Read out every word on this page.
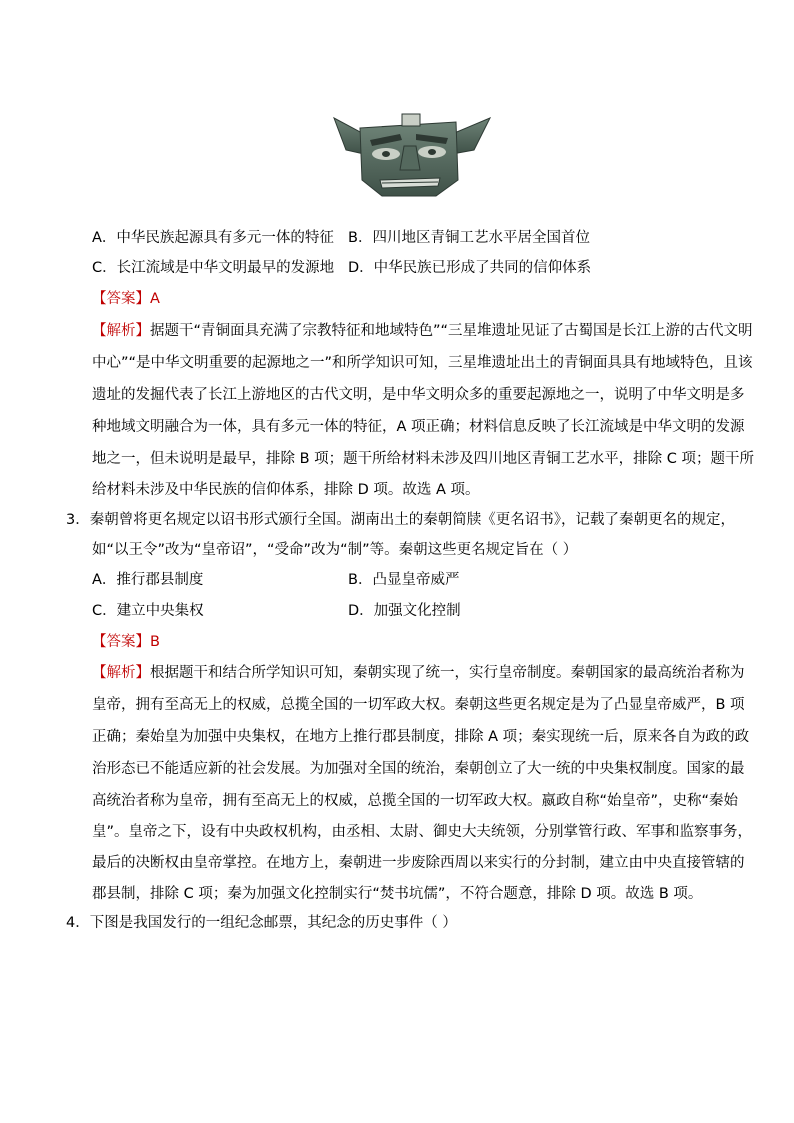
A．中华民族起源具有多元一体的特征 B．四川地区青铜工艺水平居全国首位
C．长江流域是中华文明最早的发源地 D．中华民族已形成了共同的信仰体系
【答案】A
【解析】据题干“青铜面具充满了宗教特征和地域特色”“三星堆遗址见证了古蜀国是长江上游的古代文明
中心”“是中华文明重要的起源地之一”和所学知识可知，三星堆遗址出土的青铜面具具有地域特色，且该
遗址的发掘代表了长江上游地区的古代文明，是中华文明众多的重要起源地之一，说明了中华文明是多
种地域文明融合为一体，具有多元一体的特征，A 项正确；材料信息反映了长江流域是中华文明的发源
地之一，但未说明是最早，排除 B 项；题干所给材料未涉及四川地区青铜工艺水平，排除 C 项；题干所
给材料未涉及中华民族的信仰体系，排除 D 项。故选 A 项。
3．秦朝曾将更名规定以诏书形式颁行全国。湖南出土的秦朝简牍《更名诏书》，记载了秦朝更名的规定，
如“以王令”改为“皇帝诏”，“受命”改为“制”等。秦朝这些更名规定旨在（ ）
A．推行郡县制度	B．凸显皇帝威严
C．建立中央集权	D．加强文化控制
【答案】B
【解析】根据题干和结合所学知识可知，秦朝实现了统一，实行皇帝制度。秦朝国家的最高统治者称为
皇帝，拥有至高无上的权威，总揽全国的一切军政大权。秦朝这些更名规定是为了凸显皇帝威严，B 项
正确；秦始皇为加强中央集权，在地方上推行郡县制度，排除 A 项；秦实现统一后，原来各自为政的政
治形态已不能适应新的社会发展。为加强对全国的统治，秦朝创立了大一统的中央集权制度。国家的最
高统治者称为皇帝，拥有至高无上的权威，总揽全国的一切军政大权。嬴政自称“始皇帝”，史称“秦始
皇”。皇帝之下，设有中央政权机构，由丞相、太尉、御史大夫统领，分别掌管行政、军事和监察事务，
最后的决断权由皇帝掌控。在地方上，秦朝进一步废除西周以来实行的分封制，建立由中央直接管辖的
郡县制，排除 C 项；秦为加强文化控制实行“焚书坑儒”，不符合题意，排除 D 项。故选 B 项。
4．下图是我国发行的一组纪念邮票，其纪念的历史事件（ ）
